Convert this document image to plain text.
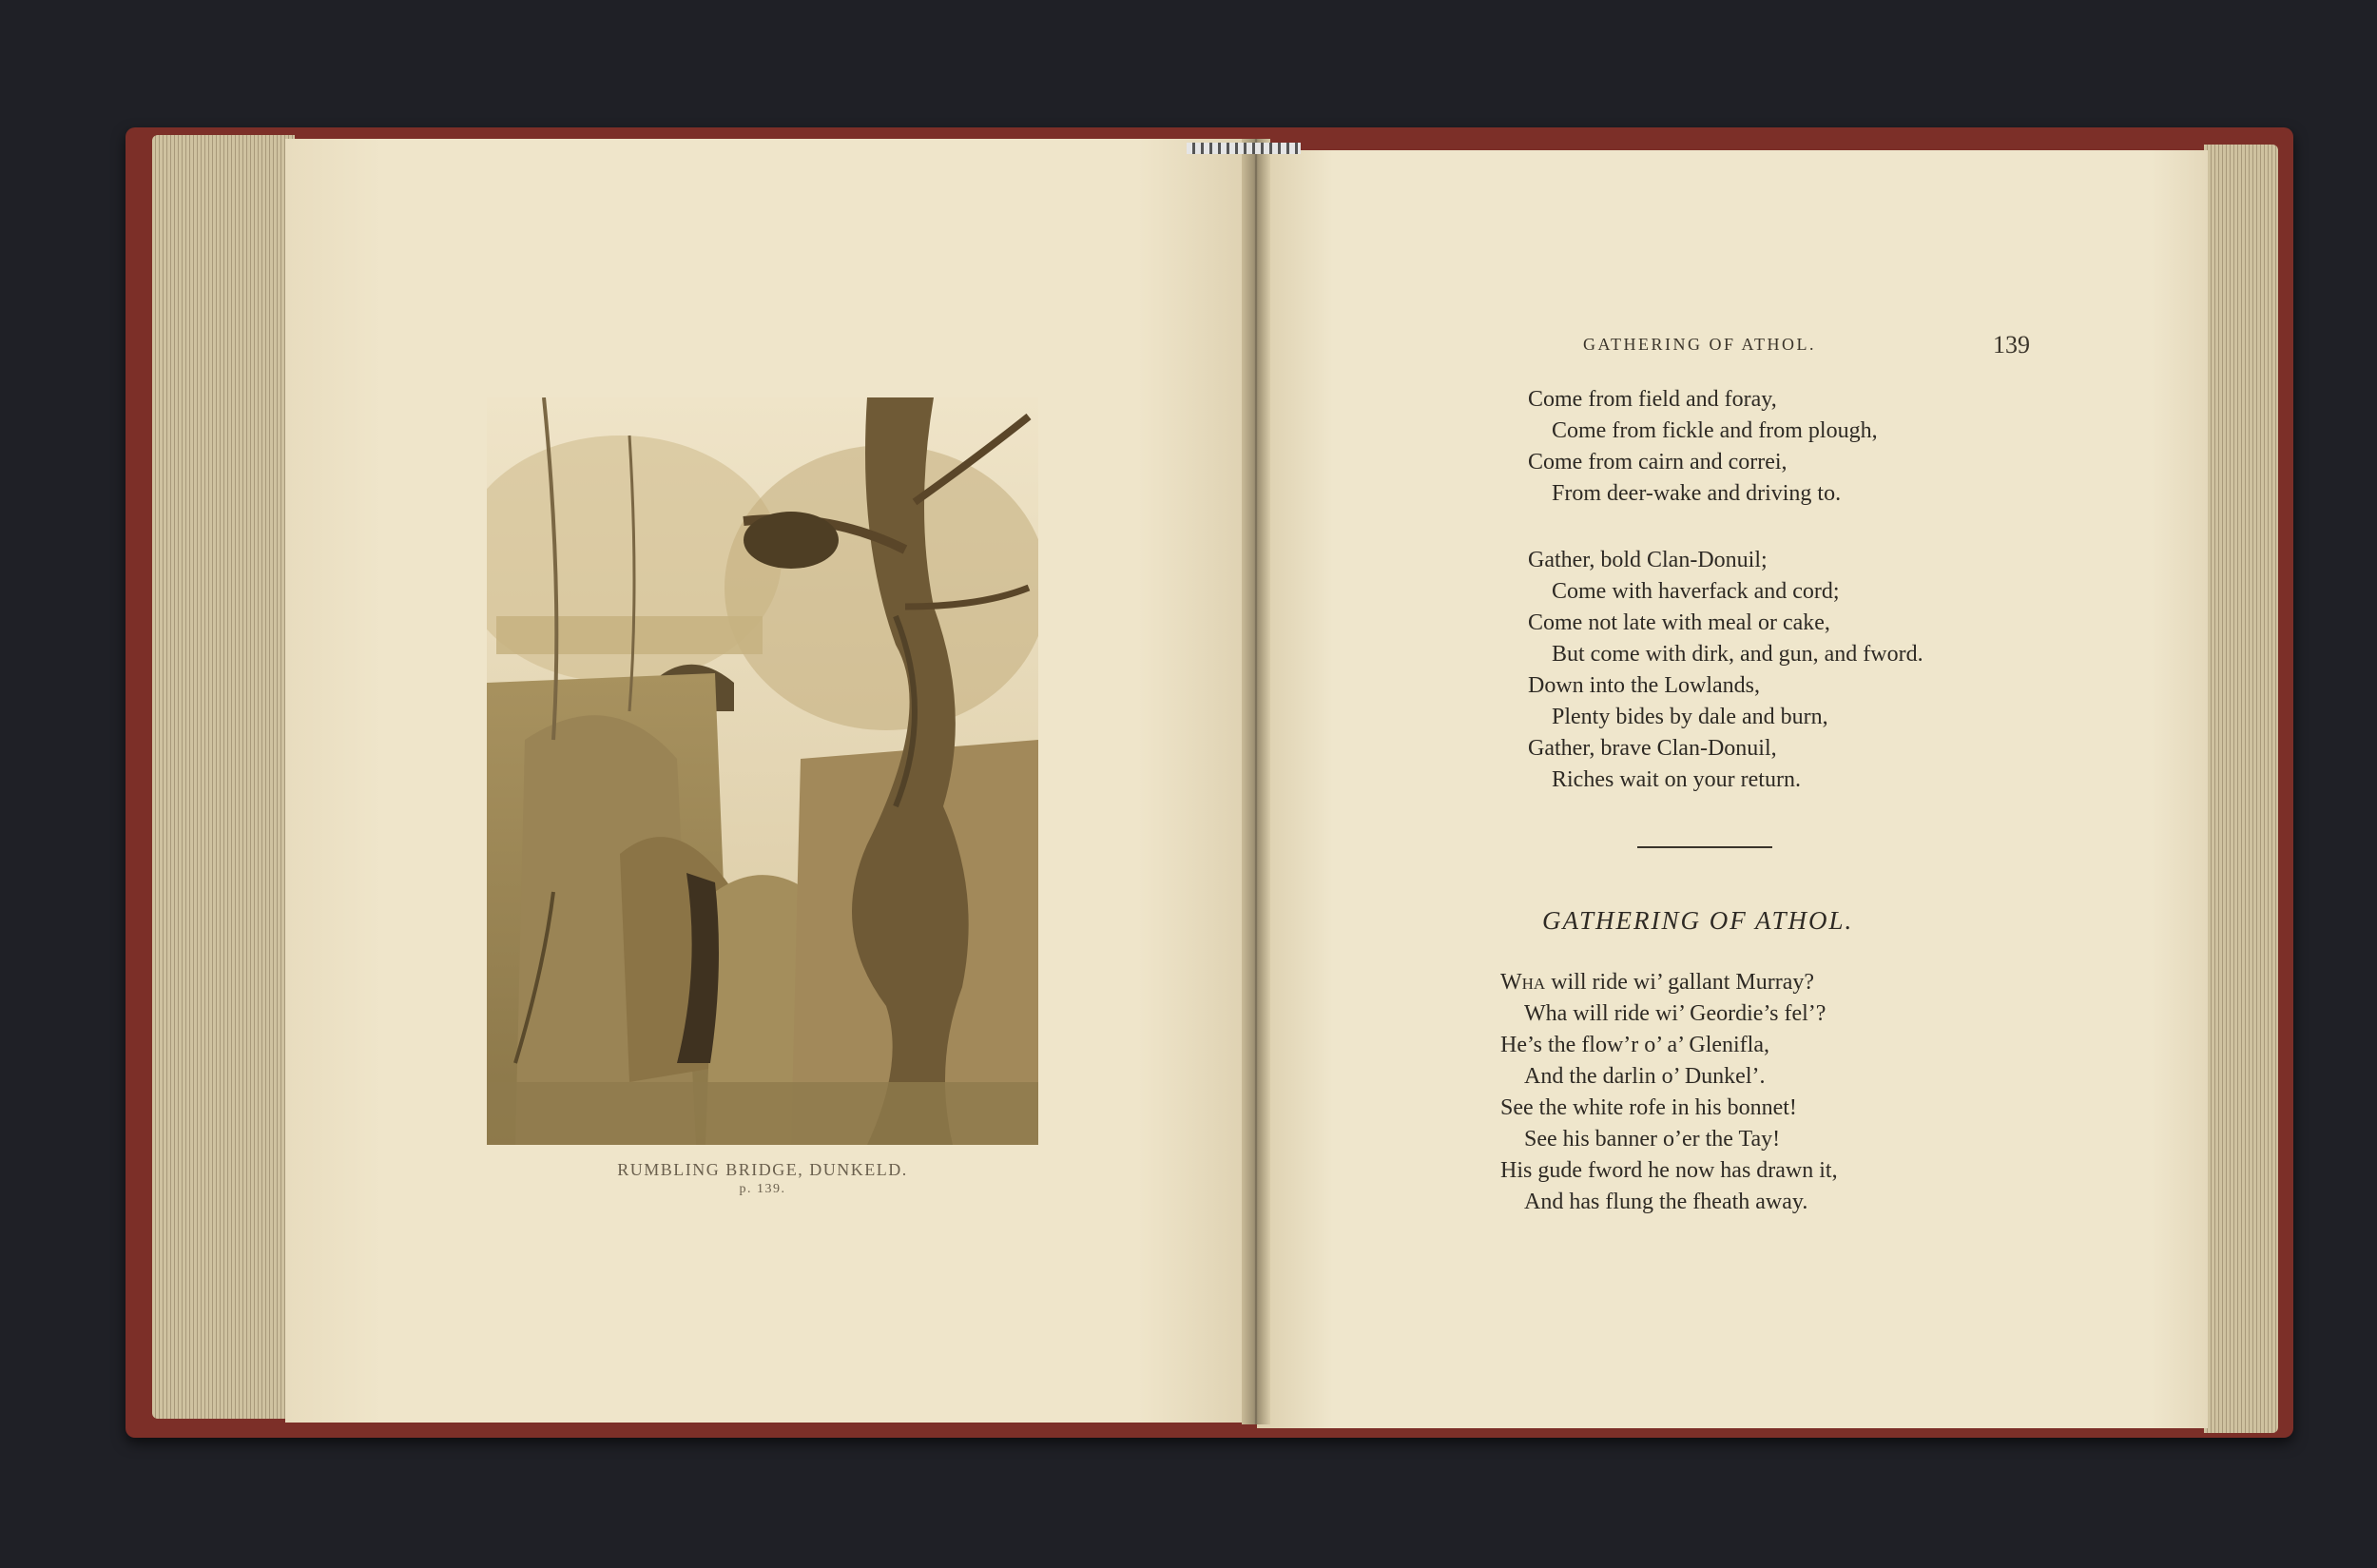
RUMBLING BRIDGE, DUNKELD.
p. 139.
GATHERING OF ATHOL.	139
Come from field and foray,
Come from fickle and from plough,
Come from cairn and correi,
From deer-wake and driving to.
Gather, bold Clan-Donuil;
Come with haverfack and cord;
Come not late with meal or cake,
But come with dirk, and gun, and fword.
Down into the Lowlands,
Plenty bides by dale and burn,
Gather, brave Clan-Donuil,
Riches wait on your return.
GATHERING OF ATHOL.
Wha will ride wi’ gallant Murray?
Wha will ride wi’ Geordie’s fel’?
He’s the flow’r o’ a’ Glenifla,
And the darlin o’ Dunkel’.
See the white rofe in his bonnet!
See his banner o’er the Tay!
His gude fword he now has drawn it,
And has flung the fheath away.
